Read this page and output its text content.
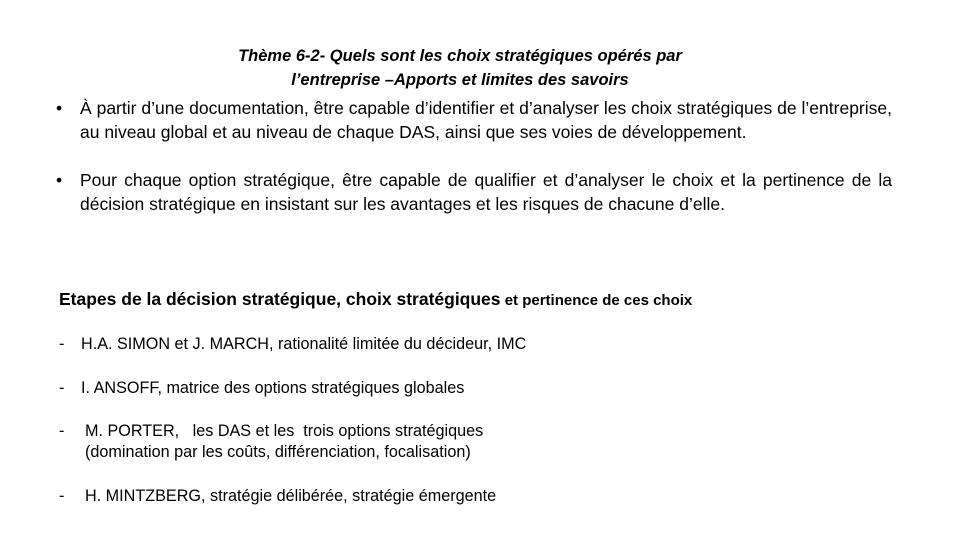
Thème 6-2- Quels sont les choix stratégiques opérés par
l’entreprise –Apports et limites des savoirs
• À partir d’une documentation, être capable d’identifier et d’analyser les choix stratégiques de l’entreprise, au niveau global et au niveau de chaque DAS, ainsi que ses voies de développement.
• Pour chaque option stratégique, être capable de qualifier et d’analyser le choix et la pertinence de la décision stratégique en insistant sur les avantages et les risques de chacune d’elle.
Etapes de la décision stratégique, choix stratégiques et pertinence de ces choix
- H.A. SIMON et J. MARCH, rationalité limitée du décideur, IMC
- I. ANSOFF, matrice des options stratégiques globales
- M. PORTER,   les DAS et les  trois options stratégiques
(domination par les coûts, différenciation, focalisation)
- H. MINTZBERG, stratégie délibérée, stratégie émergente
